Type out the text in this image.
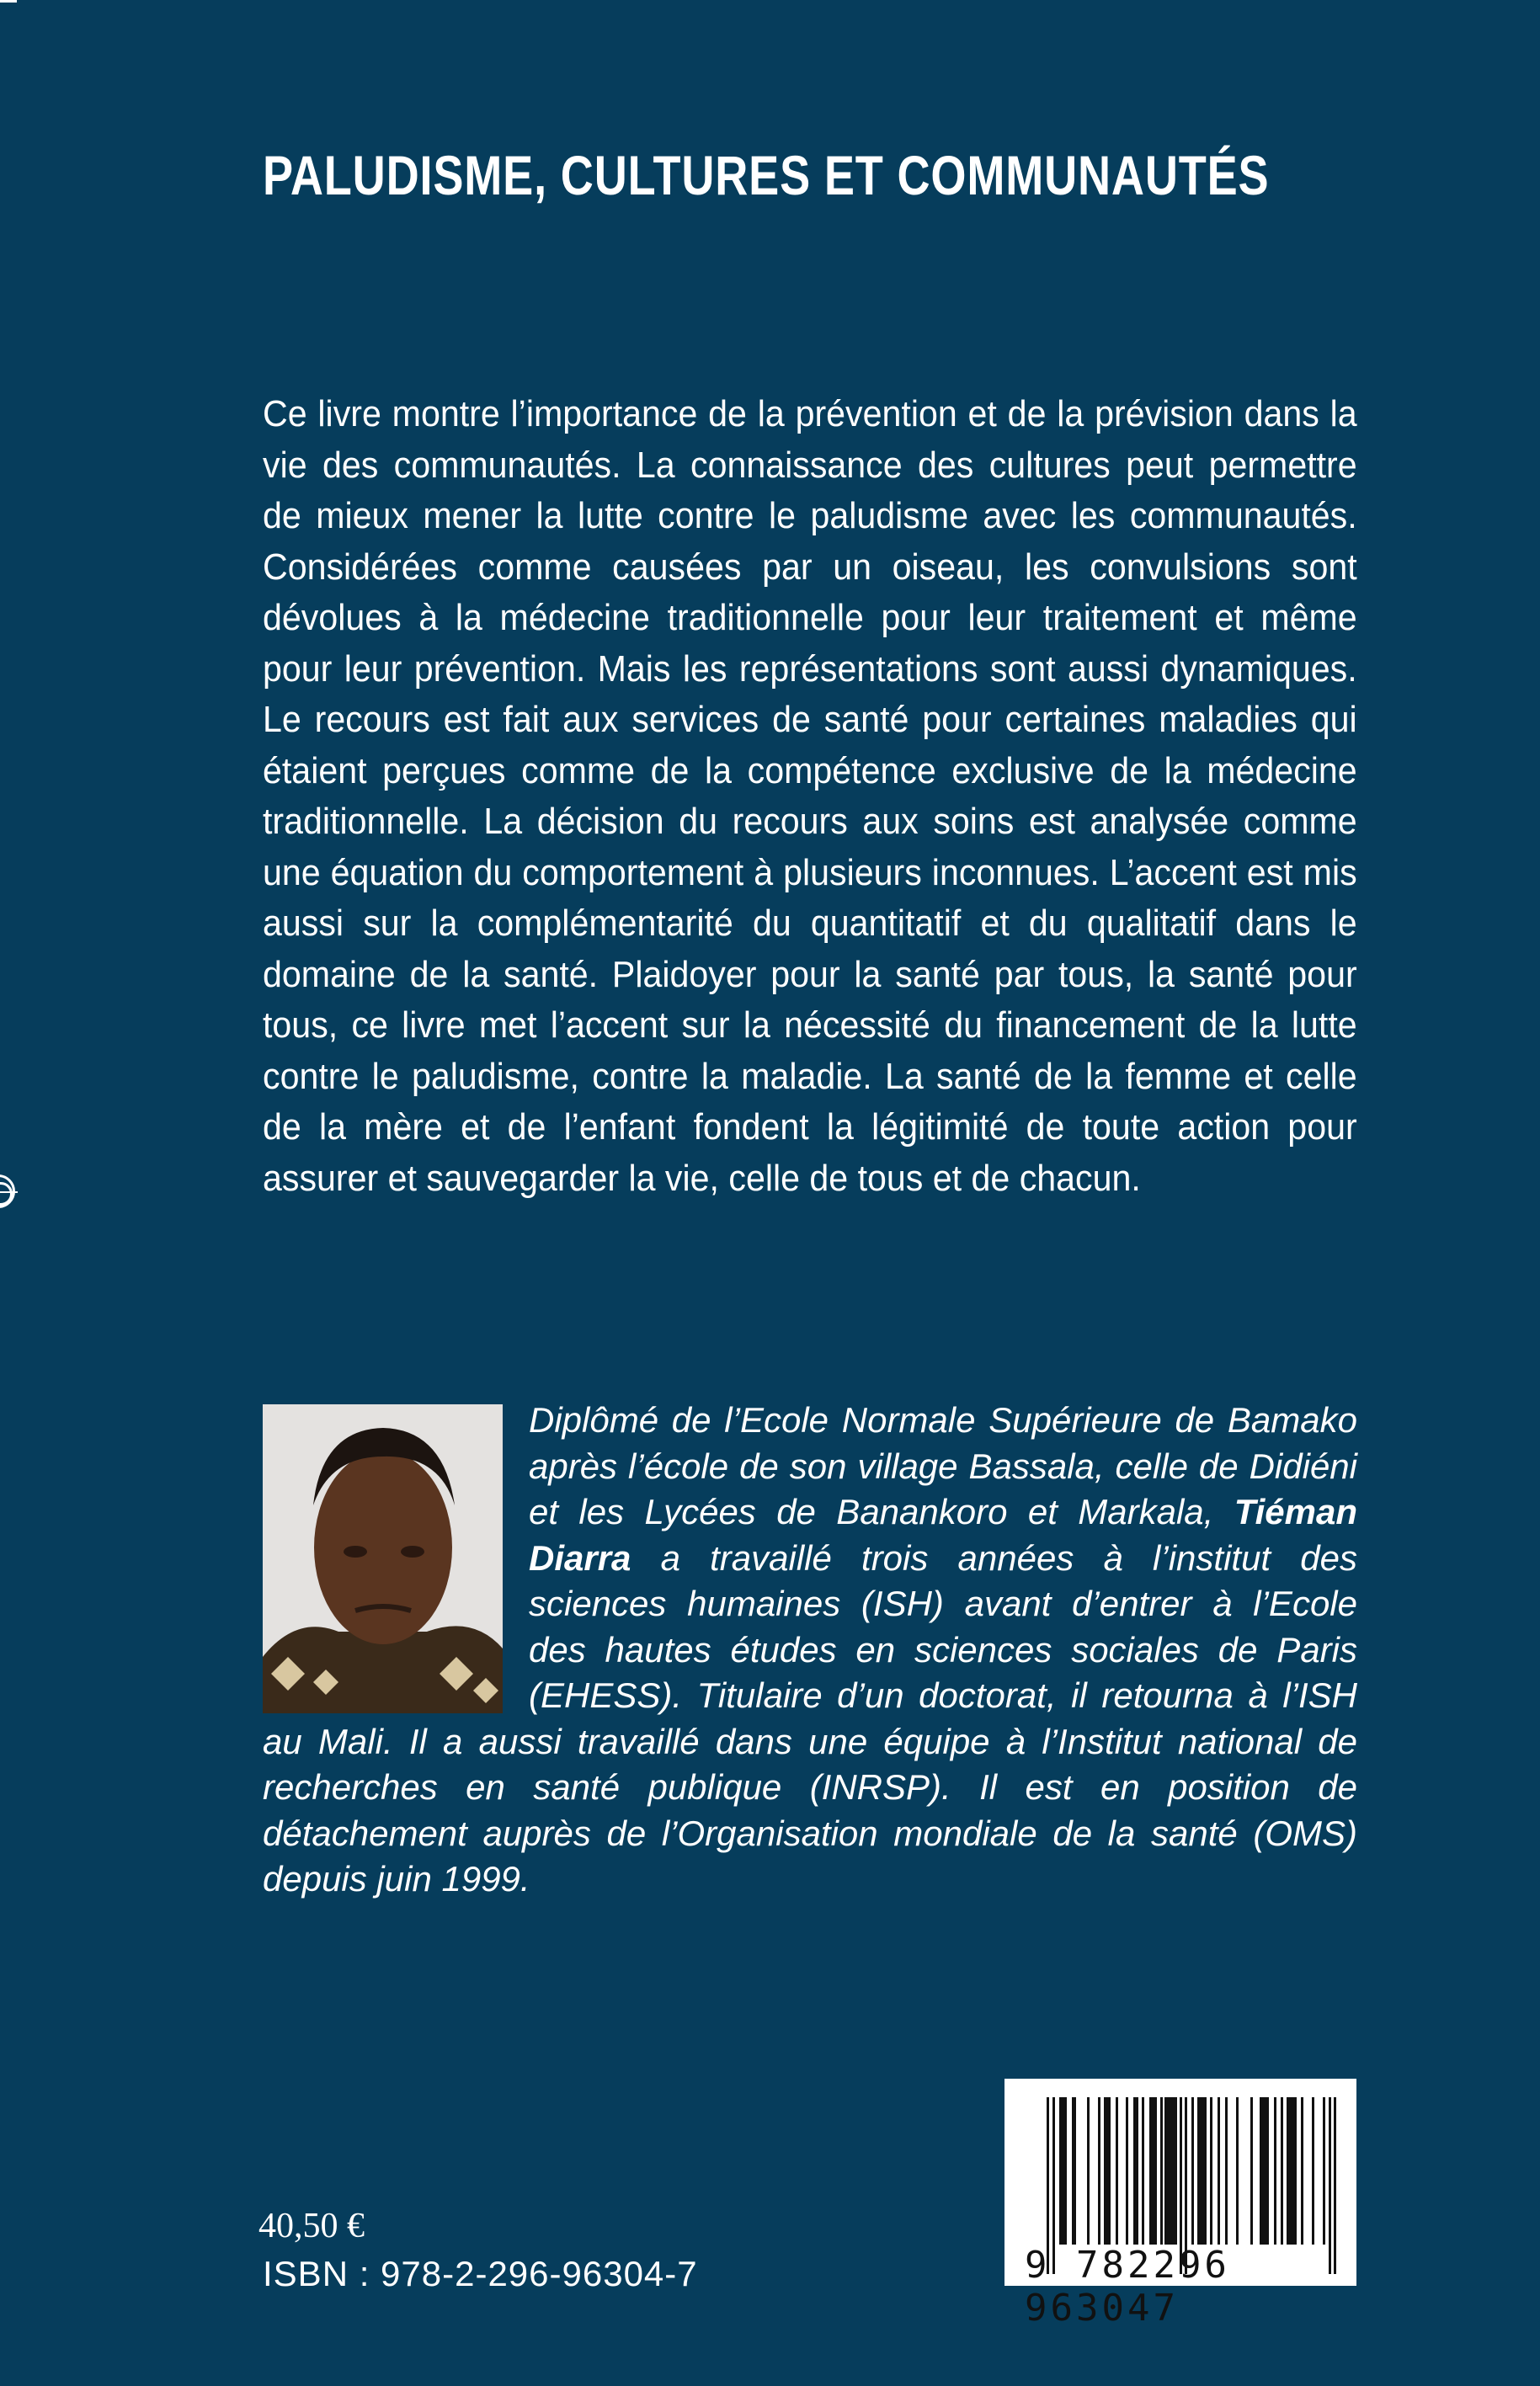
PALUDISME, CULTURES ET COMMUNAUTÉS
Ce livre montre l’importance de la prévention et de la prévision dans la vie des communautés. La connaissance des cultures peut permettre de mieux mener la lutte contre le paludisme avec les communautés. Considérées comme causées par un oiseau, les convulsions sont dévolues à la médecine traditionnelle pour leur traitement et même pour leur prévention. Mais les représentations sont aussi dynamiques. Le recours est fait aux services de santé pour certaines maladies qui étaient perçues comme de la compétence exclusive de la médecine traditionnelle. La décision du recours aux soins est analysée comme une équation du comportement à plusieurs inconnues. L’accent est mis aussi sur la complémentarité du quantitatif et du qualitatif dans le domaine de la santé. Plaidoyer pour la santé par tous, la santé pour tous, ce livre met l’accent sur la nécessité du financement de la lutte contre le paludisme, contre la maladie. La santé de la femme et celle de la mère et de l’enfant fondent la légitimité de toute action pour assurer et sauvegarder la vie, celle de tous et de chacun.
Diplômé de l’Ecole Normale Supérieure de Bamako après l’école de son village Bassala, celle de Didiéni et les Lycées de Banankoro et Markala, Tiéman Diarra a travaillé trois années à l’institut des sciences humaines (ISH) avant d’entrer à l’Ecole des hautes études en sciences sociales de Paris (EHESS). Titulaire d’un doctorat, il retourna à l’ISH au Mali. Il a aussi travaillé dans une équipe à l’Institut national de recherches en santé publique (INRSP). Il est en position de détachement auprès de l’Organisation mondiale de la santé (OMS) depuis juin 1999.
40,50 €
ISBN : 978-2-296-96304-7	9 782296 963047
